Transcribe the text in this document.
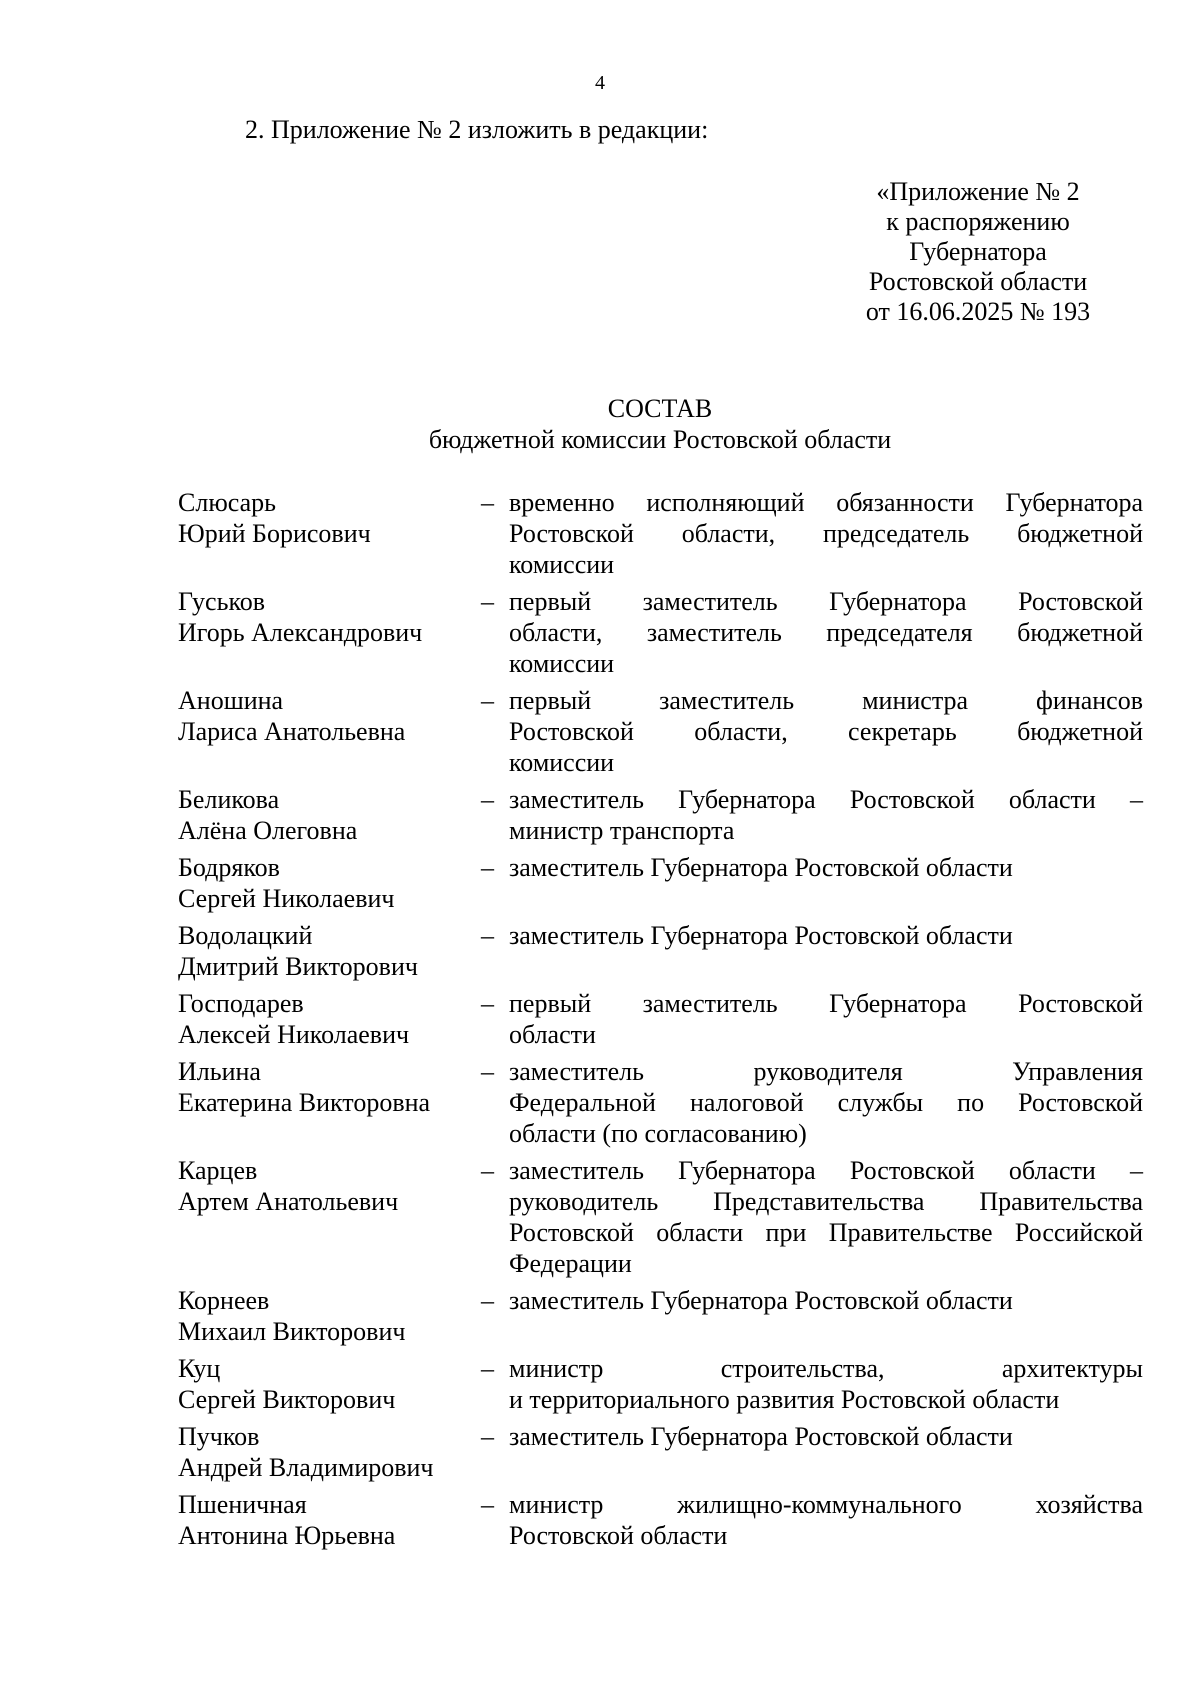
4
2. Приложение № 2 изложить в редакции:
«Приложение № 2
к распоряжению
Губернатора
Ростовской области
от 16.06.2025 № 193
СОСТАВ
бюджетной комиссии Ростовской области
Слюсарь
Юрий Борисович
– временно исполняющий обязанности Губернатора
Ростовской области, председатель бюджетной
комиссии
Гуськов
Игорь Александрович
– первый заместитель Губернатора Ростовской
области, заместитель председателя бюджетной
комиссии
Аношина
Лариса Анатольевна
– первый заместитель министра финансов
Ростовской области, секретарь бюджетной
комиссии
Беликова
Алёна Олеговна
– заместитель Губернатора Ростовской области –
министр транспорта
Бодряков
Сергей Николаевич
– заместитель Губернатора Ростовской области
Водолацкий
Дмитрий Викторович
– заместитель Губернатора Ростовской области
Господарев
Алексей Николаевич
– первый заместитель Губернатора Ростовской
области
Ильина
Екатерина Викторовна
– заместитель руководителя Управления
Федеральной налоговой службы по Ростовской
области (по согласованию)
Карцев
Артем Анатольевич
– заместитель Губернатора Ростовской области –
руководитель Представительства Правительства
Ростовской области при Правительстве Российской
Федерации
Корнеев
Михаил Викторович
– заместитель Губернатора Ростовской области
Куц
Сергей Викторович
– министр строительства, архитектуры
и территориального развития Ростовской области
Пучков
Андрей Владимирович
– заместитель Губернатора Ростовской области
Пшеничная
Антонина Юрьевна
– министр жилищно-коммунального хозяйства
Ростовской области
